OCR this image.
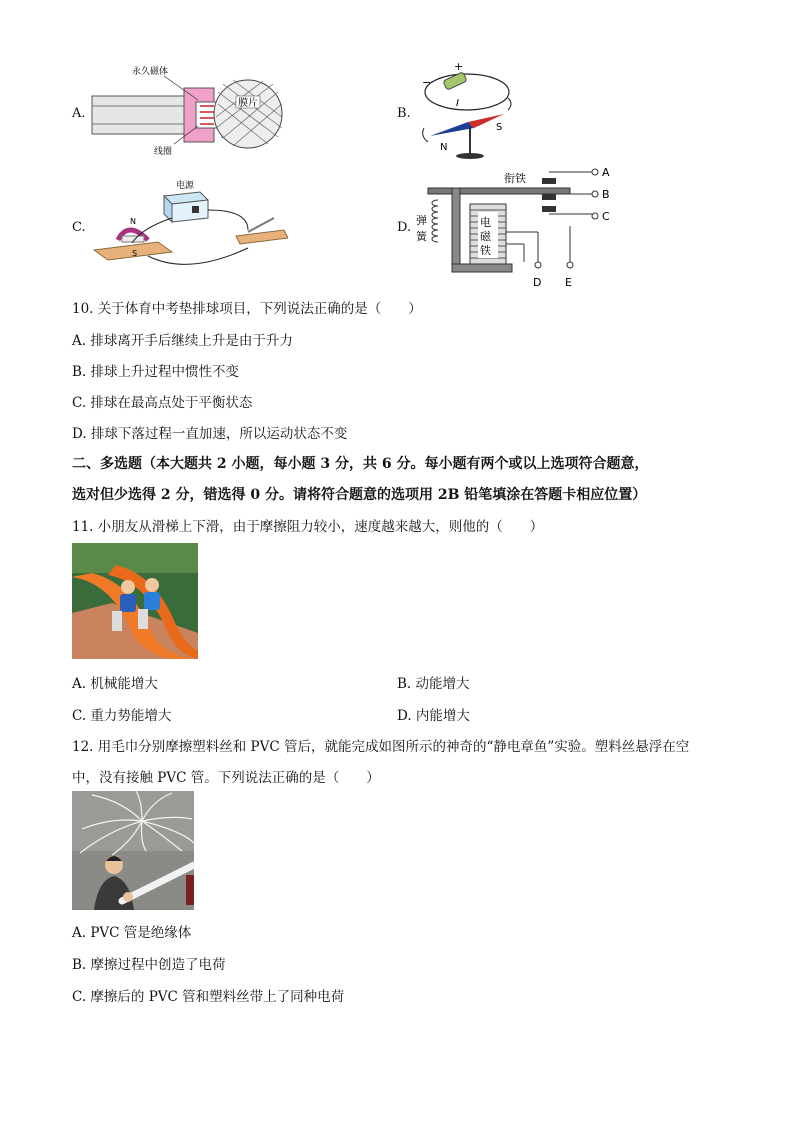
A.
膜片
永久磁体
线圈
B.
+
−
I
N
S
C.
电源
N
S
D.
衔铁
弹
簧
电
磁
铁
A
B
C
D E
10. 关于体育中考垫排球项目，下列说法正确的是（　　）
A. 排球离开手后继续上升是由于升力
B. 排球上升过程中惯性不变
C. 排球在最高点处于平衡状态
D. 排球下落过程一直加速，所以运动状态不变
二、多选题（本大题共 2 小题，每小题 3 分，共 6 分。每小题有两个或以上选项符合题意，
选对但少选得 2 分，错选得 0 分。请将符合题意的选项用 2B 铅笔填涂在答题卡相应位置）
11. 小朋友从滑梯上下滑，由于摩擦阻力较小，速度越来越大，则他的（　　）
A. 机械能增大	B. 动能增大
C. 重力势能增大	D. 内能增大
12. 用毛巾分别摩擦塑料丝和 PVC 管后，就能完成如图所示的神奇的“静电章鱼”实验。塑料丝悬浮在空
中，没有接触 PVC 管。下列说法正确的是（　　）
A. PVC 管是绝缘体
B. 摩擦过程中创造了电荷
C. 摩擦后的 PVC 管和塑料丝带上了同种电荷
